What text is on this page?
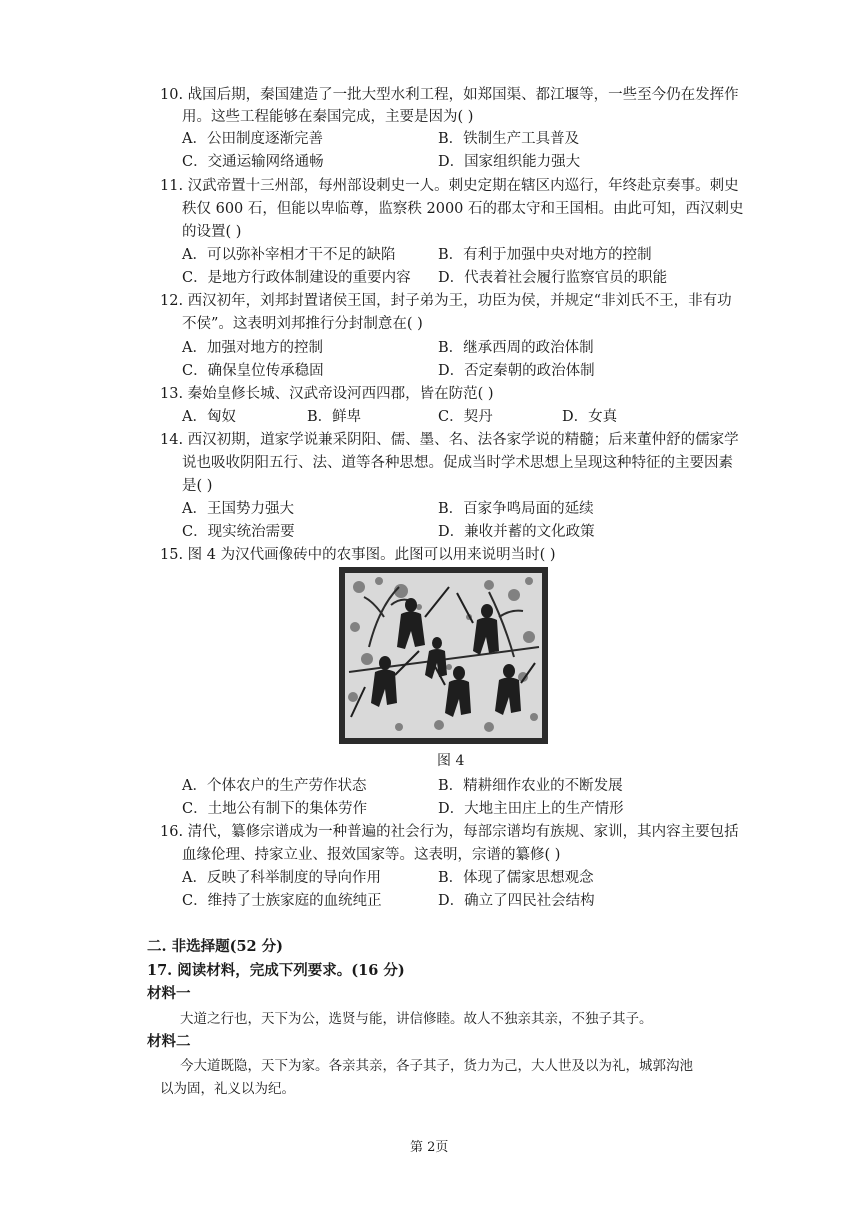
10. 战国后期，秦国建造了一批大型水利工程，如郑国渠、都江堰等，一些至今仍在发挥作
用。这些工程能够在秦国完成，主要是因为( )
A．公田制度逐渐完善	B．铁制生产工具普及
C．交通运输网络通畅	D．国家组织能力强大
11. 汉武帝置十三州部，每州部设刺史一人。刺史定期在辖区内巡行，年终赴京奏事。刺史
秩仅 600 石，但能以卑临尊，监察秩 2000 石的郡太守和王国相。由此可知，西汉刺史
的设置( )
A．可以弥补宰相才干不足的缺陷	B．有利于加强中央对地方的控制
C．是地方行政体制建设的重要内容 D．代表着社会履行监察官员的职能
12. 西汉初年，刘邦封置诸侯王国，封子弟为王，功臣为侯，并规定“非刘氏不王，非有功
不侯”。这表明刘邦推行分封制意在( )
A．加强对地方的控制	B．继承西周的政治体制
C．确保皇位传承稳固	D．否定秦朝的政治体制
13. 秦始皇修长城、汉武帝设河西四郡，皆在防范( )
A．匈奴	B．鲜卑	C．契丹	D．女真
14. 西汉初期，道家学说兼采阴阳、儒、墨、名、法各家学说的精髓；后来董仲舒的儒家学
说也吸收阴阳五行、法、道等各种思想。促成当时学术思想上呈现这种特征的主要因素
是( )
A．王国势力强大	B．百家争鸣局面的延续
C．现实统治需要	D．兼收并蓄的文化政策
15. 图 4 为汉代画像砖中的农事图。此图可以用来说明当时( )
图 4
A．个体农户的生产劳作状态	B．精耕细作农业的不断发展
C．土地公有制下的集体劳作	D．大地主田庄上的生产情形
16. 清代，纂修宗谱成为一种普遍的社会行为，每部宗谱均有族规、家训，其内容主要包括
血缘伦理、持家立业、报效国家等。这表明，宗谱的纂修( )
A．反映了科举制度的导向作用	B．体现了儒家思想观念
C．维持了士族家庭的血统纯正	D．确立了四民社会结构
二. 非选择题(52 分)
17. 阅读材料，完成下列要求。(16 分)
材料一
大道之行也，天下为公，选贤与能，讲信修睦。故人不独亲其亲，不独子其子。
材料二
今大道既隐，天下为家。各亲其亲，各子其子，货力为己，大人世及以为礼，城郭沟池
以为固，礼义以为纪。
第 2页
